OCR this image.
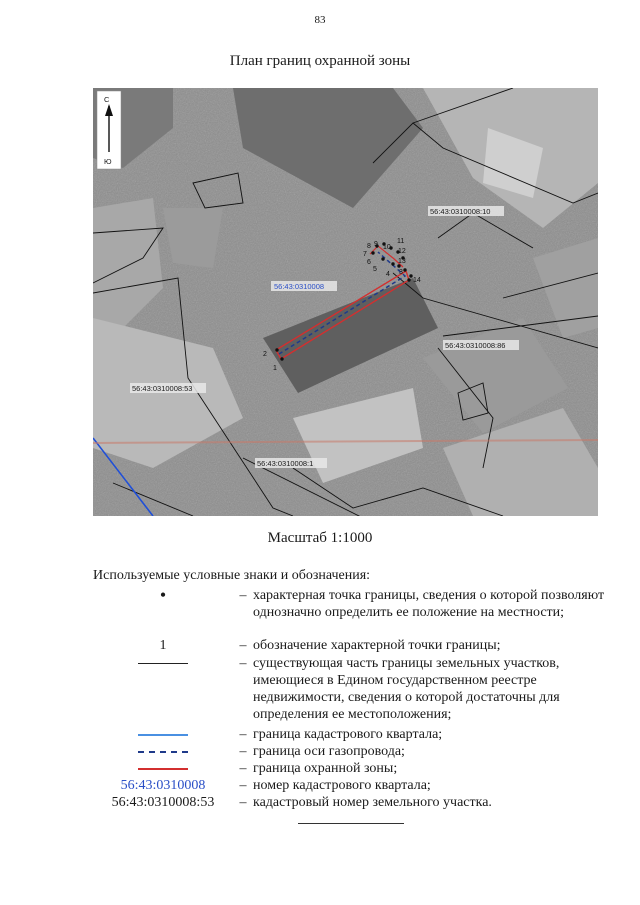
83
План границ охранной зоны
1
2
3
4
5
6
7
8 9 10
11
12
13
14
56:43:0310008:10
56:43:0310008:86
56:43:0310008:53
56:43:0310008:1
56:43:0310008
С
Ю
Масштаб 1:1000
Используемые условные знаки и обозначения:
•	– характерная точка границы, сведения о которой позволяют однозначно определить ее положение на местности;
1	– обозначение характерной точки границы;
– существующая часть границы земельных участков, имеющиеся в Едином государственном реестре недвижимости, сведения о которой достаточны для определения ее местоположения;
– граница кадастрового квартала;
– граница оси газопровода;
– граница охранной зоны;
56:43:0310008	– номер кадастрового квартала;
56:43:0310008:53	– кадастровый номер земельного участка.
